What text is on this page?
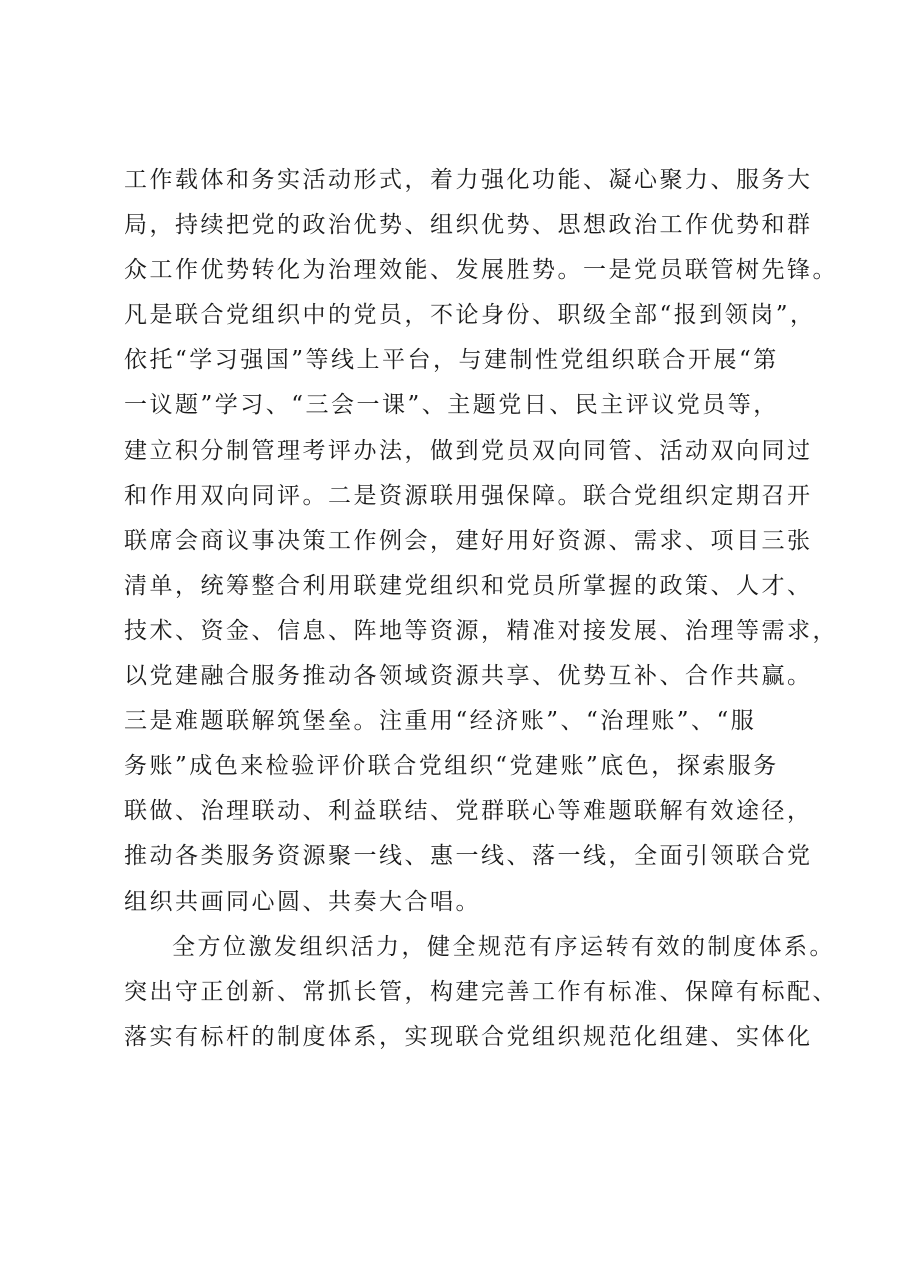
工作载体和务实活动形式，着力强化功能、凝心聚力、服务大
局，持续把党的政治优势、组织优势、思想政治工作优势和群
众工作优势转化为治理效能、发展胜势。一是党员联管树先锋。
凡是联合党组织中的党员，不论身份、职级全部“报到领岗”，
依托“学习强国”等线上平台，与建制性党组织联合开展“第
一议题”学习、“三会一课”、主题党日、民主评议党员等，
建立积分制管理考评办法，做到党员双向同管、活动双向同过
和作用双向同评。二是资源联用强保障。联合党组织定期召开
联席会商议事决策工作例会，建好用好资源、需求、项目三张
清单，统筹整合利用联建党组织和党员所掌握的政策、人才、
技术、资金、信息、阵地等资源，精准对接发展、治理等需求，
以党建融合服务推动各领域资源共享、优势互补、合作共赢。
三是难题联解筑堡垒。注重用“经济账”、“治理账”、“服
务账”成色来检验评价联合党组织“党建账”底色，探索服务
联做、治理联动、利益联结、党群联心等难题联解有效途径，
推动各类服务资源聚一线、惠一线、落一线，全面引领联合党
组织共画同心圆、共奏大合唱。
全方位激发组织活力，健全规范有序运转有效的制度体系。
突出守正创新、常抓长管，构建完善工作有标准、保障有标配、
落实有标杆的制度体系，实现联合党组织规范化组建、实体化
